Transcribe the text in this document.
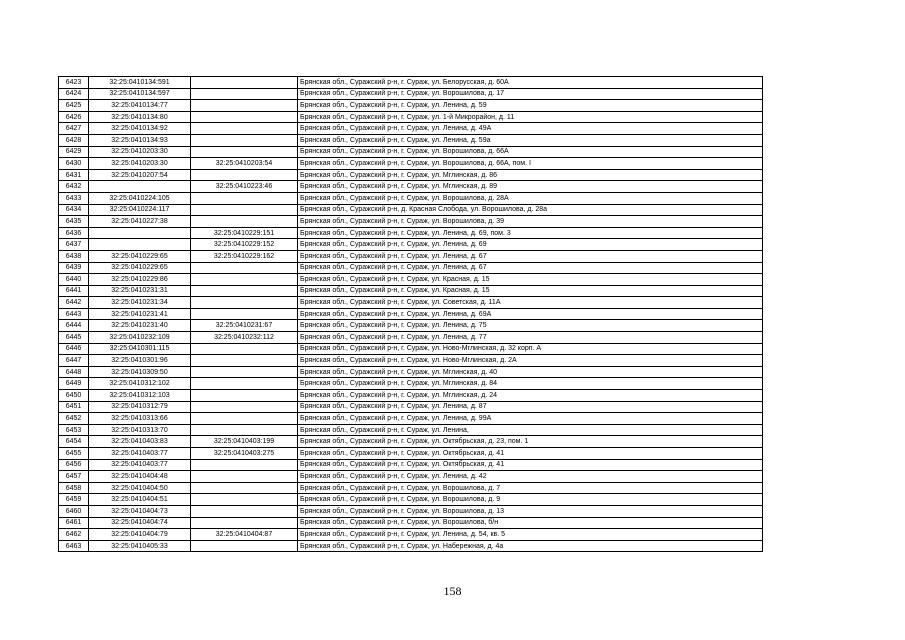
6423	32:25:0410134:591		Брянская обл., Суражский р-н, г. Сураж, ул. Белорусская, д. 60А
6424	32:25:0410134:597		Брянская обл., Суражский р-н, г. Сураж, ул. Ворошилова, д. 17
6425	32:25:0410134:77		Брянская обл., Суражский р-н, г. Сураж, ул. Ленина, д. 59
6426	32:25:0410134:80		Брянская обл., Суражский р-н, г. Сураж, ул. 1-й Микрорайон, д. 11
6427	32:25:0410134:92		Брянская обл., Суражский р-н, г. Сураж, ул. Ленина, д. 49А
6428	32:25:0410134:93		Брянская обл., Суражский р-н, г. Сураж, ул. Ленина, д. 59а
6429	32:25:0410203:30		Брянская обл., Суражский р-н, г. Сураж, ул. Ворошилова, д. 66А
6430	32:25:0410203:30	32:25:0410203:54	Брянская обл., Суражский р-н, г. Сураж, ул. Ворошилова, д. 66А, пом. I
6431	32:25:0410207:54		Брянская обл., Суражский р-н, г. Сураж, ул. Мглинская, д. 86
6432		32:25:0410223:46	Брянская обл., Суражский р-н, г. Сураж, ул. Мглинская, д. 89
6433	32:25:0410224:105		Брянская обл., Суражский р-н, г. Сураж, ул. Ворошилова, д. 28А
6434	32:25:0410224:117		Брянская обл., Суражский р-н, д. Красная Слобода, ул. Ворошилова, д. 28а
6435	32:25:0410227:38		Брянская обл., Суражский р-н, г. Сураж, ул. Ворошилова, д. 39
6436		32:25:0410229:151	Брянская обл., Суражский р-н, г. Сураж, ул. Ленина, д. 69, пом. 3
6437		32:25:0410229:152	Брянская обл., Суражский р-н, г. Сураж, ул. Ленина, д. 69
6438	32:25:0410229:65	32:25:0410229:162	Брянская обл., Суражский р-н, г. Сураж, ул. Ленина, д. 67
6439	32:25:0410229:65		Брянская обл., Суражский р-н, г. Сураж, ул. Ленина, д. 67
6440	32:25:0410229:86		Брянская обл., Суражский р-н, г. Сураж, ул. Красная, д. 15
6441	32:25:0410231:31		Брянская обл., Суражский р-н, г. Сураж, ул. Красная, д. 15
6442	32:25:0410231:34		Брянская обл., Суражский р-н, г. Сураж, ул. Советская, д. 11А
6443	32:25:0410231:41		Брянская обл., Суражский р-н, г. Сураж, ул. Ленина, д. 69А
6444	32:25:0410231:40	32:25:0410231:67	Брянская обл., Суражский р-н, г. Сураж, ул. Ленина, д. 75
6445	32:25:0410232:109	32:25:0410232:112	Брянская обл., Суражский р-н, г. Сураж, ул. Ленина, д. 77
6446	32:25:0410301:115		Брянская обл., Суражский р-н, г. Сураж, ул. Ново-Мглинская, д. 32 корп. А
6447	32:25:0410301:96		Брянская обл., Суражский р-н, г. Сураж, ул. Ново-Мглинская, д. 2А
6448	32:25:0410309:50		Брянская обл., Суражский р-н, г. Сураж, ул. Мглинская, д. 40
6449	32:25:0410312:102		Брянская обл., Суражский р-н, г. Сураж, ул. Мглинская, д. 84
6450	32:25:0410312:103		Брянская обл., Суражский р-н, г. Сураж, ул. Мглинская, д. 24
6451	32:25:0410312:79		Брянская обл., Суражский р-н, г. Сураж, ул. Ленина, д. 87
6452	32:25:0410313:66		Брянская обл., Суражский р-н, г. Сураж, ул. Ленина, д. 99А
6453	32:25:0410313:70		Брянская обл., Суражский р-н, г. Сураж, ул. Ленина,
6454	32:25:0410403:83	32:25:0410403:199	Брянская обл., Суражский р-н, г. Сураж, ул. Октябрьская, д. 23, пом. 1
6455	32:25:0410403:77	32:25:0410403:275	Брянская обл., Суражский р-н, г. Сураж, ул. Октябрьская, д. 41
6456	32:25:0410403:77		Брянская обл., Суражский р-н, г. Сураж, ул. Октябрьская, д. 41
6457	32:25:0410404:48		Брянская обл., Суражский р-н, г. Сураж, ул. Ленина, д. 42
6458	32:25:0410404:50		Брянская обл., Суражский р-н, г. Сураж, ул. Ворошилова, д. 7
6459	32:25:0410404:51		Брянская обл., Суражский р-н, г. Сураж, ул. Ворошилова, д. 9
6460	32:25:0410404:73		Брянская обл., Суражский р-н, г. Сураж, ул. Ворошилова, д. 13
6461	32:25:0410404:74		Брянская обл., Суражский р-н, г. Сураж, ул. Ворошилова, б/н
6462	32:25:0410404:79	32:25:0410404:87	Брянская обл., Суражский р-н, г. Сураж, ул. Ленина, д. 54, кв. 5
6463	32:25:0410405:33		Брянская обл., Суражский р-н, г. Сураж, ул. Набережная, д. 4а
158
